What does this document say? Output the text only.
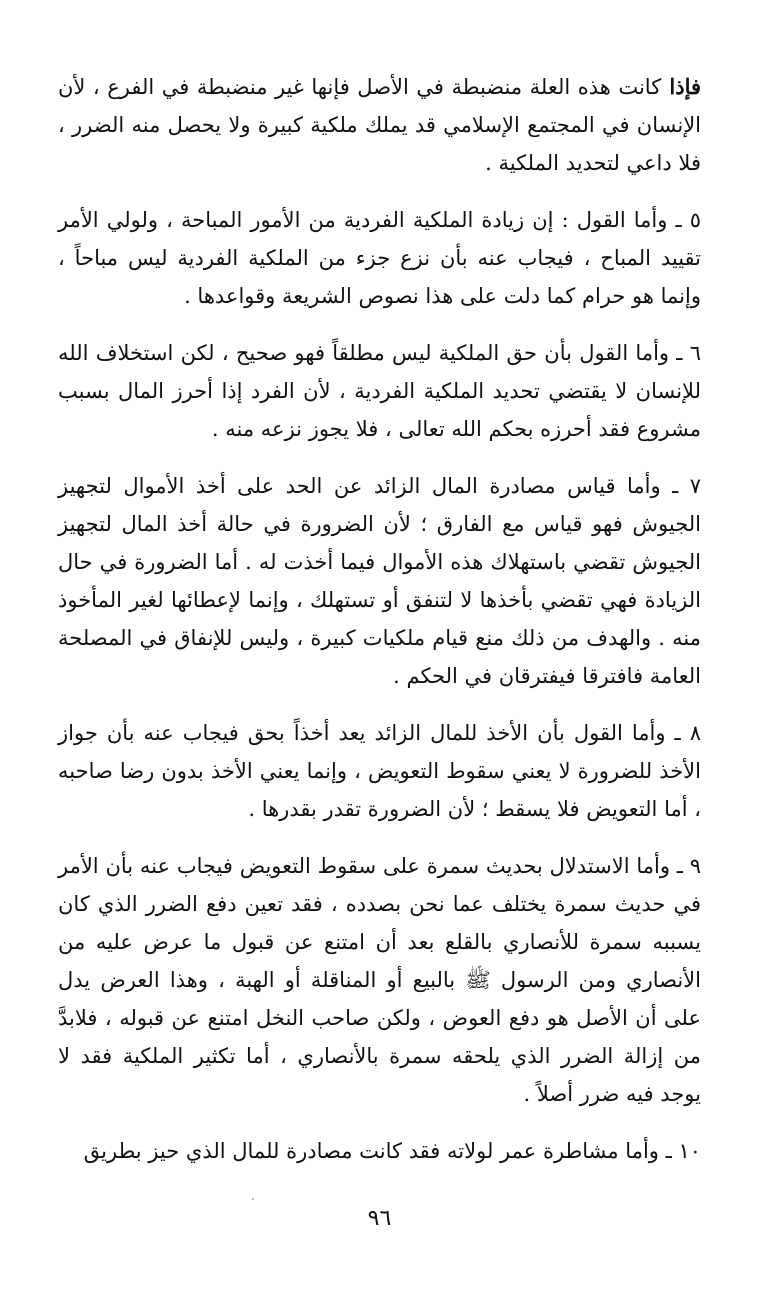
فإذا كانت هذه العلة منضبطة في الأصل فإنها غير منضبطة في الفرع ، لأن الإنسان في المجتمع الإسلامي قد يملك ملكية كبيرة ولا يحصل منه الضرر ، فلا داعي لتحديد الملكية .

٥ ـ وأما القول : إن زيادة الملكية الفردية من الأمور المباحة ، ولولي الأمر تقييد المباح ، فيجاب عنه بأن نزع جزء من الملكية الفردية ليس مباحاً ، وإنما هو حرام كما دلت على هذا نصوص الشريعة وقواعدها .

٦ ـ وأما القول بأن حق الملكية ليس مطلقاً فهو صحيح ، لكن استخلاف الله للإنسان لا يقتضي تحديد الملكية الفردية ، لأن الفرد إذا أحرز المال بسبب مشروع فقد أحرزه بحكم الله تعالى ، فلا يجوز نزعه منه .

٧ ـ وأما قياس مصادرة المال الزائد عن الحد على أخذ الأموال لتجهيز الجيوش فهو قياس مع الفارق ؛ لأن الضرورة في حالة أخذ المال لتجهيز الجيوش تقضي باستهلاك هذه الأموال فيما أخذت له . أما الضرورة في حال الزيادة فهي تقضي بأخذها لا لتنفق أو تستهلك ، وإنما لإعطائها لغير المأخوذ منه . والهدف من ذلك منع قيام ملكيات كبيرة ، وليس للإنفاق في المصلحة العامة فافترقا فيفترقان في الحكم .

٨ ـ وأما القول بأن الأخذ للمال الزائد يعد أخذاً بحق فيجاب عنه بأن جواز الأخذ للضرورة لا يعني سقوط التعويض ، وإنما يعني الأخذ بدون رضا صاحبه ، أما التعويض فلا يسقط ؛ لأن الضرورة تقدر بقدرها .

٩ ـ وأما الاستدلال بحديث سمرة على سقوط التعويض فيجاب عنه بأن الأمر في حديث سمرة يختلف عما نحن بصدده ، فقد تعين دفع الضرر الذي كان يسببه سمرة للأنصاري بالقلع بعد أن امتنع عن قبول ما عرض عليه من الأنصاري ومن الرسول ﷺ بالبيع أو المناقلة أو الهبة ، وهذا العرض يدل على أن الأصل هو دفع العوض ، ولكن صاحب النخل امتنع عن قبوله ، فلابدَّ من إزالة الضرر الذي يلحقه سمرة بالأنصاري ، أما تكثير الملكية فقد لا يوجد فيه ضرر أصلاً .

١٠ ـ وأما مشاطرة عمر لولاته فقد كانت مصادرة للمال الذي حيز بطريق

٩٦
